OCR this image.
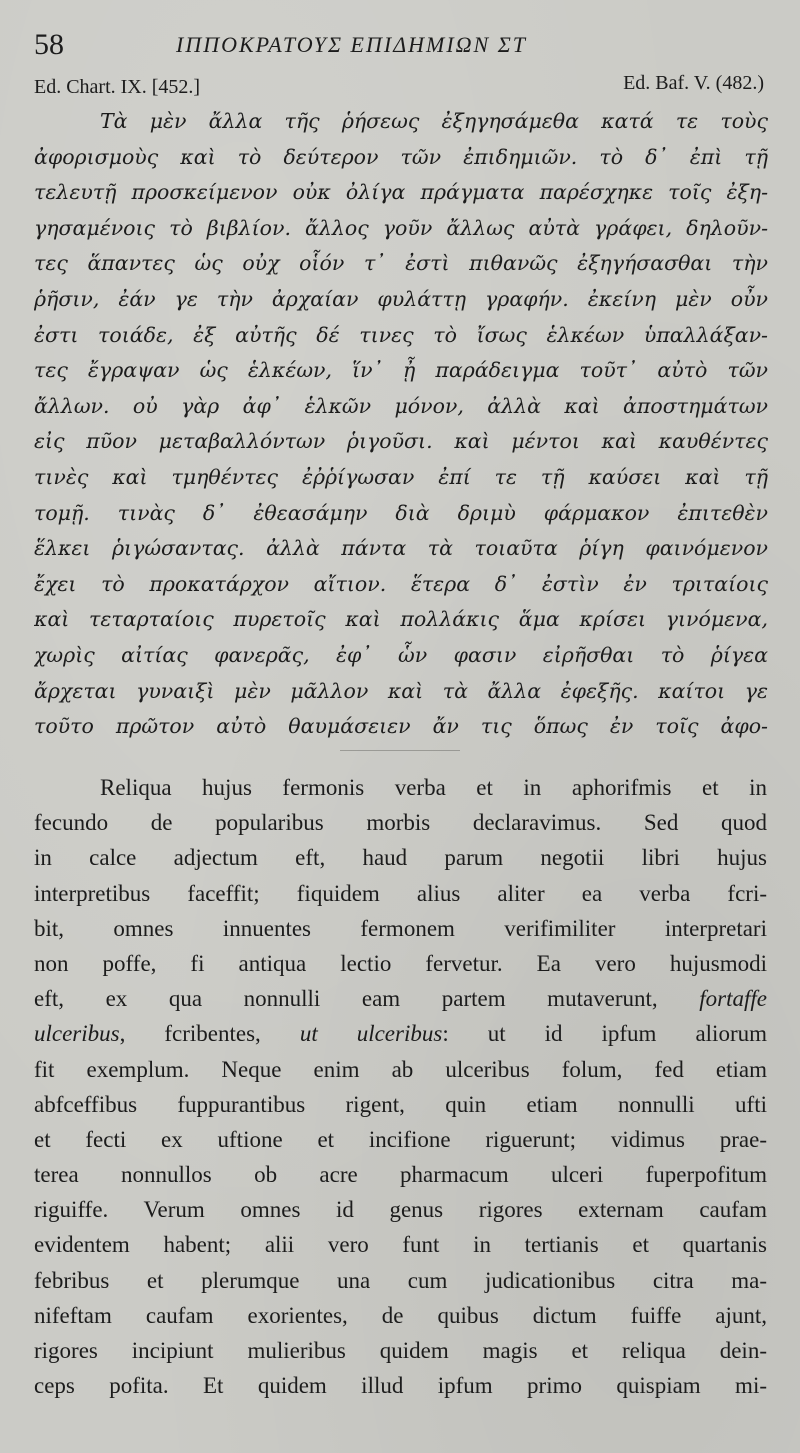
58	ΙΠΠΟΚΡΑΤΟΥΣ ΕΠΙΔΗΜΙΩΝ ΣΤ
Ed. Chart. IX. [452.]	Ed. Baf. V. (482.)
Τὰ μὲν ἄλλα τῆς ῥήσεως ἐξηγησάμεθα κατά τε τοὺς
ἀφορισμοὺς καὶ τὸ δεύτερον τῶν ἐπιδημιῶν. τὸ δ᾽ ἐπὶ τῇ
τελευτῇ προσκείμενον οὐκ ὀλίγα πράγματα παρέσχηκε τοῖς ἐξη-
γησαμένοις τὸ βιβλίον. ἄλλος γοῦν ἄλλως αὐτὰ γράφει, δηλοῦν-
τες ἅπαντες ὡς οὐχ οἷόν τ᾽ ἐστὶ πιθανῶς ἐξηγήσασθαι τὴν
ῥῆσιν, ἐάν γε τὴν ἀρχαίαν φυλάττῃ γραφήν. ἐκείνη μὲν οὖν
ἐστι τοιάδε, ἐξ αὐτῆς δέ τινες τὸ ἴσως ἑλκέων ὑπαλλάξαν-
τες ἔγραψαν ὡς ἑλκέων, ἵν᾽ ᾖ παράδειγμα τοῦτ᾽ αὐτὸ τῶν
ἄλλων. οὐ γὰρ ἀφ᾽ ἑλκῶν μόνον, ἀλλὰ καὶ ἀποστημάτων
εἰς πῦον μεταβαλλόντων ῥιγοῦσι. καὶ μέντοι καὶ καυθέντες
τινὲς καὶ τμηθέντες ἐῤῥίγωσαν ἐπί τε τῇ καύσει καὶ τῇ
τομῇ. τινὰς δ᾽ ἐθεασάμην διὰ δριμὺ φάρμακον ἐπιτεθὲν
ἕλκει ῥιγώσαντας. ἀλλὰ πάντα τὰ τοιαῦτα ῥίγη φαινόμενον
ἔχει τὸ προκατάρχον αἴτιον. ἕτερα δ᾽ ἐστὶν ἐν τριταίοις
καὶ τεταρταίοις πυρετοῖς καὶ πολλάκις ἅμα κρίσει γινόμενα,
χωρὶς αἰτίας φανερᾶς, ἐφ᾽ ὧν φασιν εἰρῆσθαι τὸ ῥίγεα
ἄρχεται γυναιξὶ μὲν μᾶλλον καὶ τὰ ἄλλα ἐφεξῆς. καίτοι γε
τοῦτο πρῶτον αὐτὸ θαυμάσειεν ἄν τις ὅπως ἐν τοῖς ἀφο-
Reliqua hujus fermonis verba et in aphorifmis et in
fecundo de popularibus morbis declaravimus. Sed quod
in calce adjectum eft, haud parum negotii libri hujus
interpretibus faceffit; fiquidem alius aliter ea verba fcri-
bit, omnes innuentes fermonem verifimiliter interpretari
non poffe, fi antiqua lectio fervetur. Ea vero hujusmodi
eft, ex qua nonnulli eam partem mutaverunt, fortaffe
ulceribus, fcribentes, ut ulceribus: ut id ipfum aliorum
fit exemplum. Neque enim ab ulceribus folum, fed etiam
abfceffibus fuppurantibus rigent, quin etiam nonnulli ufti
et fecti ex uftione et incifione riguerunt; vidimus prae-
terea nonnullos ob acre pharmacum ulceri fuperpofitum
riguiffe. Verum omnes id genus rigores externam caufam
evidentem habent; alii vero funt in tertianis et quartanis
febribus et plerumque una cum judicationibus citra ma-
nifeftam caufam exorientes, de quibus dictum fuiffe ajunt,
rigores incipiunt mulieribus quidem magis et reliqua dein-
ceps pofita. Et quidem illud ipfum primo quispiam mi-
